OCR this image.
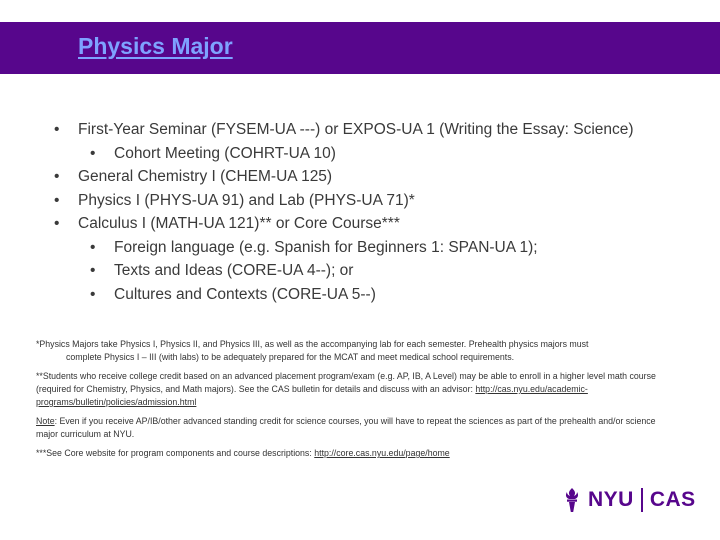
Physics Major
• First-Year Seminar (FYSEM-UA ---) or EXPOS-UA 1 (Writing the Essay: Science)
• Cohort Meeting (COHRT-UA 10)
• General Chemistry I (CHEM-UA 125)
• Physics I (PHYS-UA 91) and Lab (PHYS-UA 71)*
• Calculus I (MATH-UA 121)** or Core Course***
• Foreign language (e.g. Spanish for Beginners 1: SPAN-UA 1);
• Texts and Ideas (CORE-UA 4--); or
• Cultures and Contexts (CORE-UA 5--)
*Physics Majors take Physics I, Physics II, and Physics III, as well as the accompanying lab for each semester. Prehealth physics majors must
complete Physics I – III (with labs) to be adequately prepared for the MCAT and meet medical school requirements.
**Students who receive college credit based on an advanced placement program/exam (e.g. AP, IB, A Level) may be able to enroll in a higher level math course (required for Chemistry, Physics, and Math majors). See the CAS bulletin for details and discuss with an advisor: http://cas.nyu.edu/academic-programs/bulletin/policies/admission.html
Note: Even if you receive AP/IB/other advanced standing credit for science courses, you will have to repeat the sciences as part of the prehealth and/or science major curriculum at NYU.
***See Core website for program components and course descriptions: http://core.cas.nyu.edu/page/home
NYU CAS
